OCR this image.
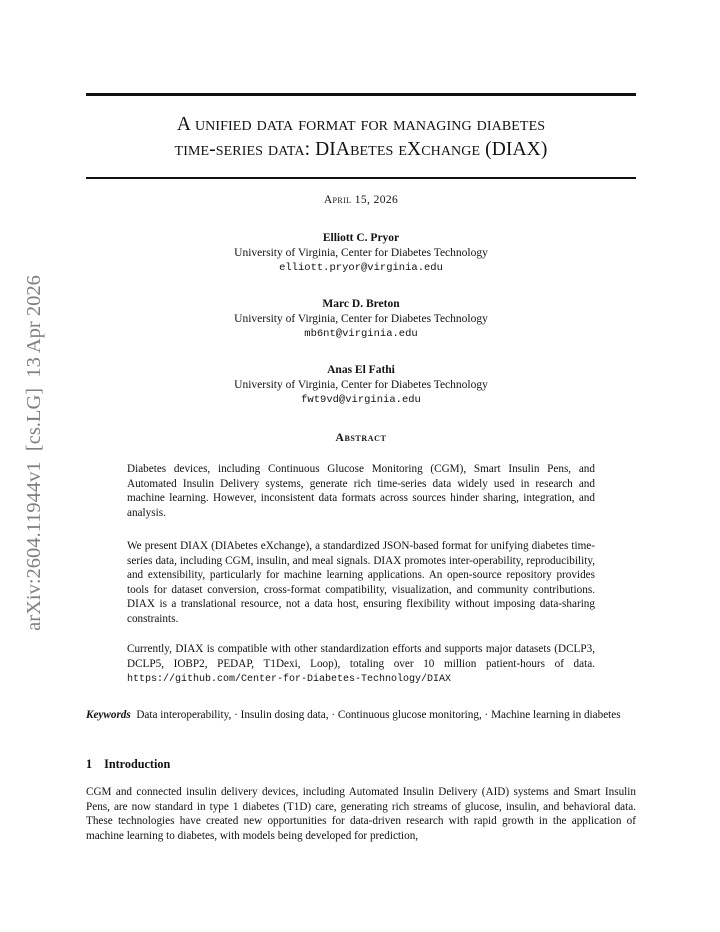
arXiv:2604.11944v1  [cs.LG]  13 Apr 2026
A unified data format for managing diabetes
time-series data: DIAbetes eXchange (DIAX)
April 15, 2026
Elliott C. Pryor
University of Virginia, Center for Diabetes Technology
elliott.pryor@virginia.edu
Marc D. Breton
University of Virginia, Center for Diabetes Technology
mb6nt@virginia.edu
Anas El Fathi
University of Virginia, Center for Diabetes Technology
fwt9vd@virginia.edu
Abstract
Diabetes devices, including Continuous Glucose Monitoring (CGM), Smart Insulin Pens, and Automated Insulin Delivery systems, generate rich time-series data widely used in research and machine learning. However, inconsistent data formats across sources hinder sharing, integration, and analysis.
We present DIAX (DIAbetes eXchange), a standardized JSON-based format for unifying diabetes time-series data, including CGM, insulin, and meal signals. DIAX promotes inter-operability, reproducibility, and extensibility, particularly for machine learning applications. An open-source repository provides tools for dataset conversion, cross-format compatibility, visualization, and community contributions. DIAX is a translational resource, not a data host, ensuring flexibility without imposing data-sharing constraints.
Currently, DIAX is compatible with other standardization efforts and supports major datasets (DCLP3, DCLP5, IOBP2, PEDAP, T1Dexi, Loop), totaling over 10 million patient-hours of data. https://github.com/Center-for-Diabetes-Technology/DIAX
Keywords Data interoperability, · Insulin dosing data, · Continuous glucose monitoring, · Machine learning in diabetes
1 Introduction
CGM and connected insulin delivery devices, including Automated Insulin Delivery (AID) systems and Smart Insulin Pens, are now standard in type 1 diabetes (T1D) care, generating rich streams of glucose, insulin, and behavioral data. These technologies have created new opportunities for data-driven research with rapid growth in the application of machine learning to diabetes, with models being developed for prediction,
